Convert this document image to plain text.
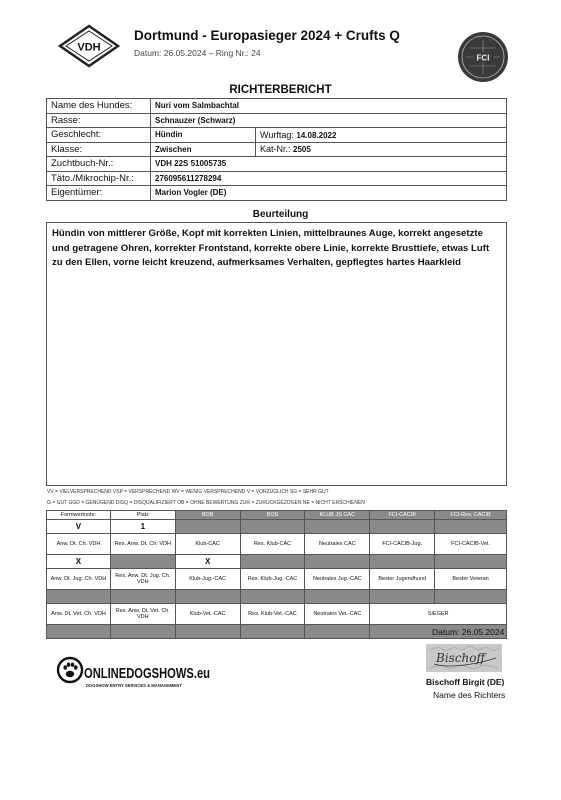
VDH
Dortmund - Europasieger 2024 + Crufts Q
Datum: 26.05.2024 – Ring Nr.: 24	FCI
RICHTERBERICHT
Name des Hundes:	Nuri vom Salmbachtal	
Rasse:	Schnauzer (Schwarz)	
Geschlecht:	Hündin	Wurftag: 14.08.2022
Klasse:	Zwischen	Kat-Nr.: 2505
Zuchtbuch-Nr.:	VDH 22S 51005735	
Täto./Mikrochip-Nr.:	276095611278294	
Eigentümer:	Marion Vogler (DE)	
Beurteilung
Hündin von mittlerer Größe, Kopf mit korrekten Linien, mittelbraunes Auge, korrekt angesetzte und getragene Ohren, korrekter Frontstand, korrekte obere Linie, korrekte Brusttiefe, etwas Luft zu den Ellen, vorne leicht kreuzend, aufmerksames Verhalten, gepflegtes hartes Haarkleid
VV = VIELVERSPRECHEND VSP = VERSPRECHEND WV = WENIG VERSPRECHEND V = VORZÜGLICH SG = SEHR GUT
G = GUT GGD = GENÜGEND DISQ = DISQUALIFIZIERT OB = OHNE BEWERTUNG ZUR = ZURÜCKGEZOGEN NE = NICHT ERSCHIENEN
Formwertnote:	Platz	BOB	BOS	KLUB JS CAC	FCI-CACIB	FCI-Res. CACIB
V	1					
Anw. Dt. Ch. VDH	Res. Anw. Dt. Ch. VDH	Klub-CAC	Res. Klub-CAC	Neutrales CAC	FCI-CACIB-Jug.	FCI-CACIB-Vet.
X		X				
Anw. Dt. Jug. Ch. VDH	Res. Anw. Dt. Jug. Ch. VDH	Klub-Jug.-CAC	Res. Klub-Jug.-CAC	Neutrales Jug.-CAC	Bester Jugendhund	Bester Veteran

Anw. Dt. Vet. Ch. VDH	Res. Anw. Dt. Vet. Ch. VDH	Klub-Vet.-CAC	Res. Klub-Vet.-CAC	Neutrales Vet.-CAC	SIEGER	

Datum: 26.05.2024
ONLINEDOGSHOWS.eu
DOGSHOW ENTRY SERVICES & MANAGEMENT
Bischoff
Bischoff Birgit (DE)
Name des Richters
